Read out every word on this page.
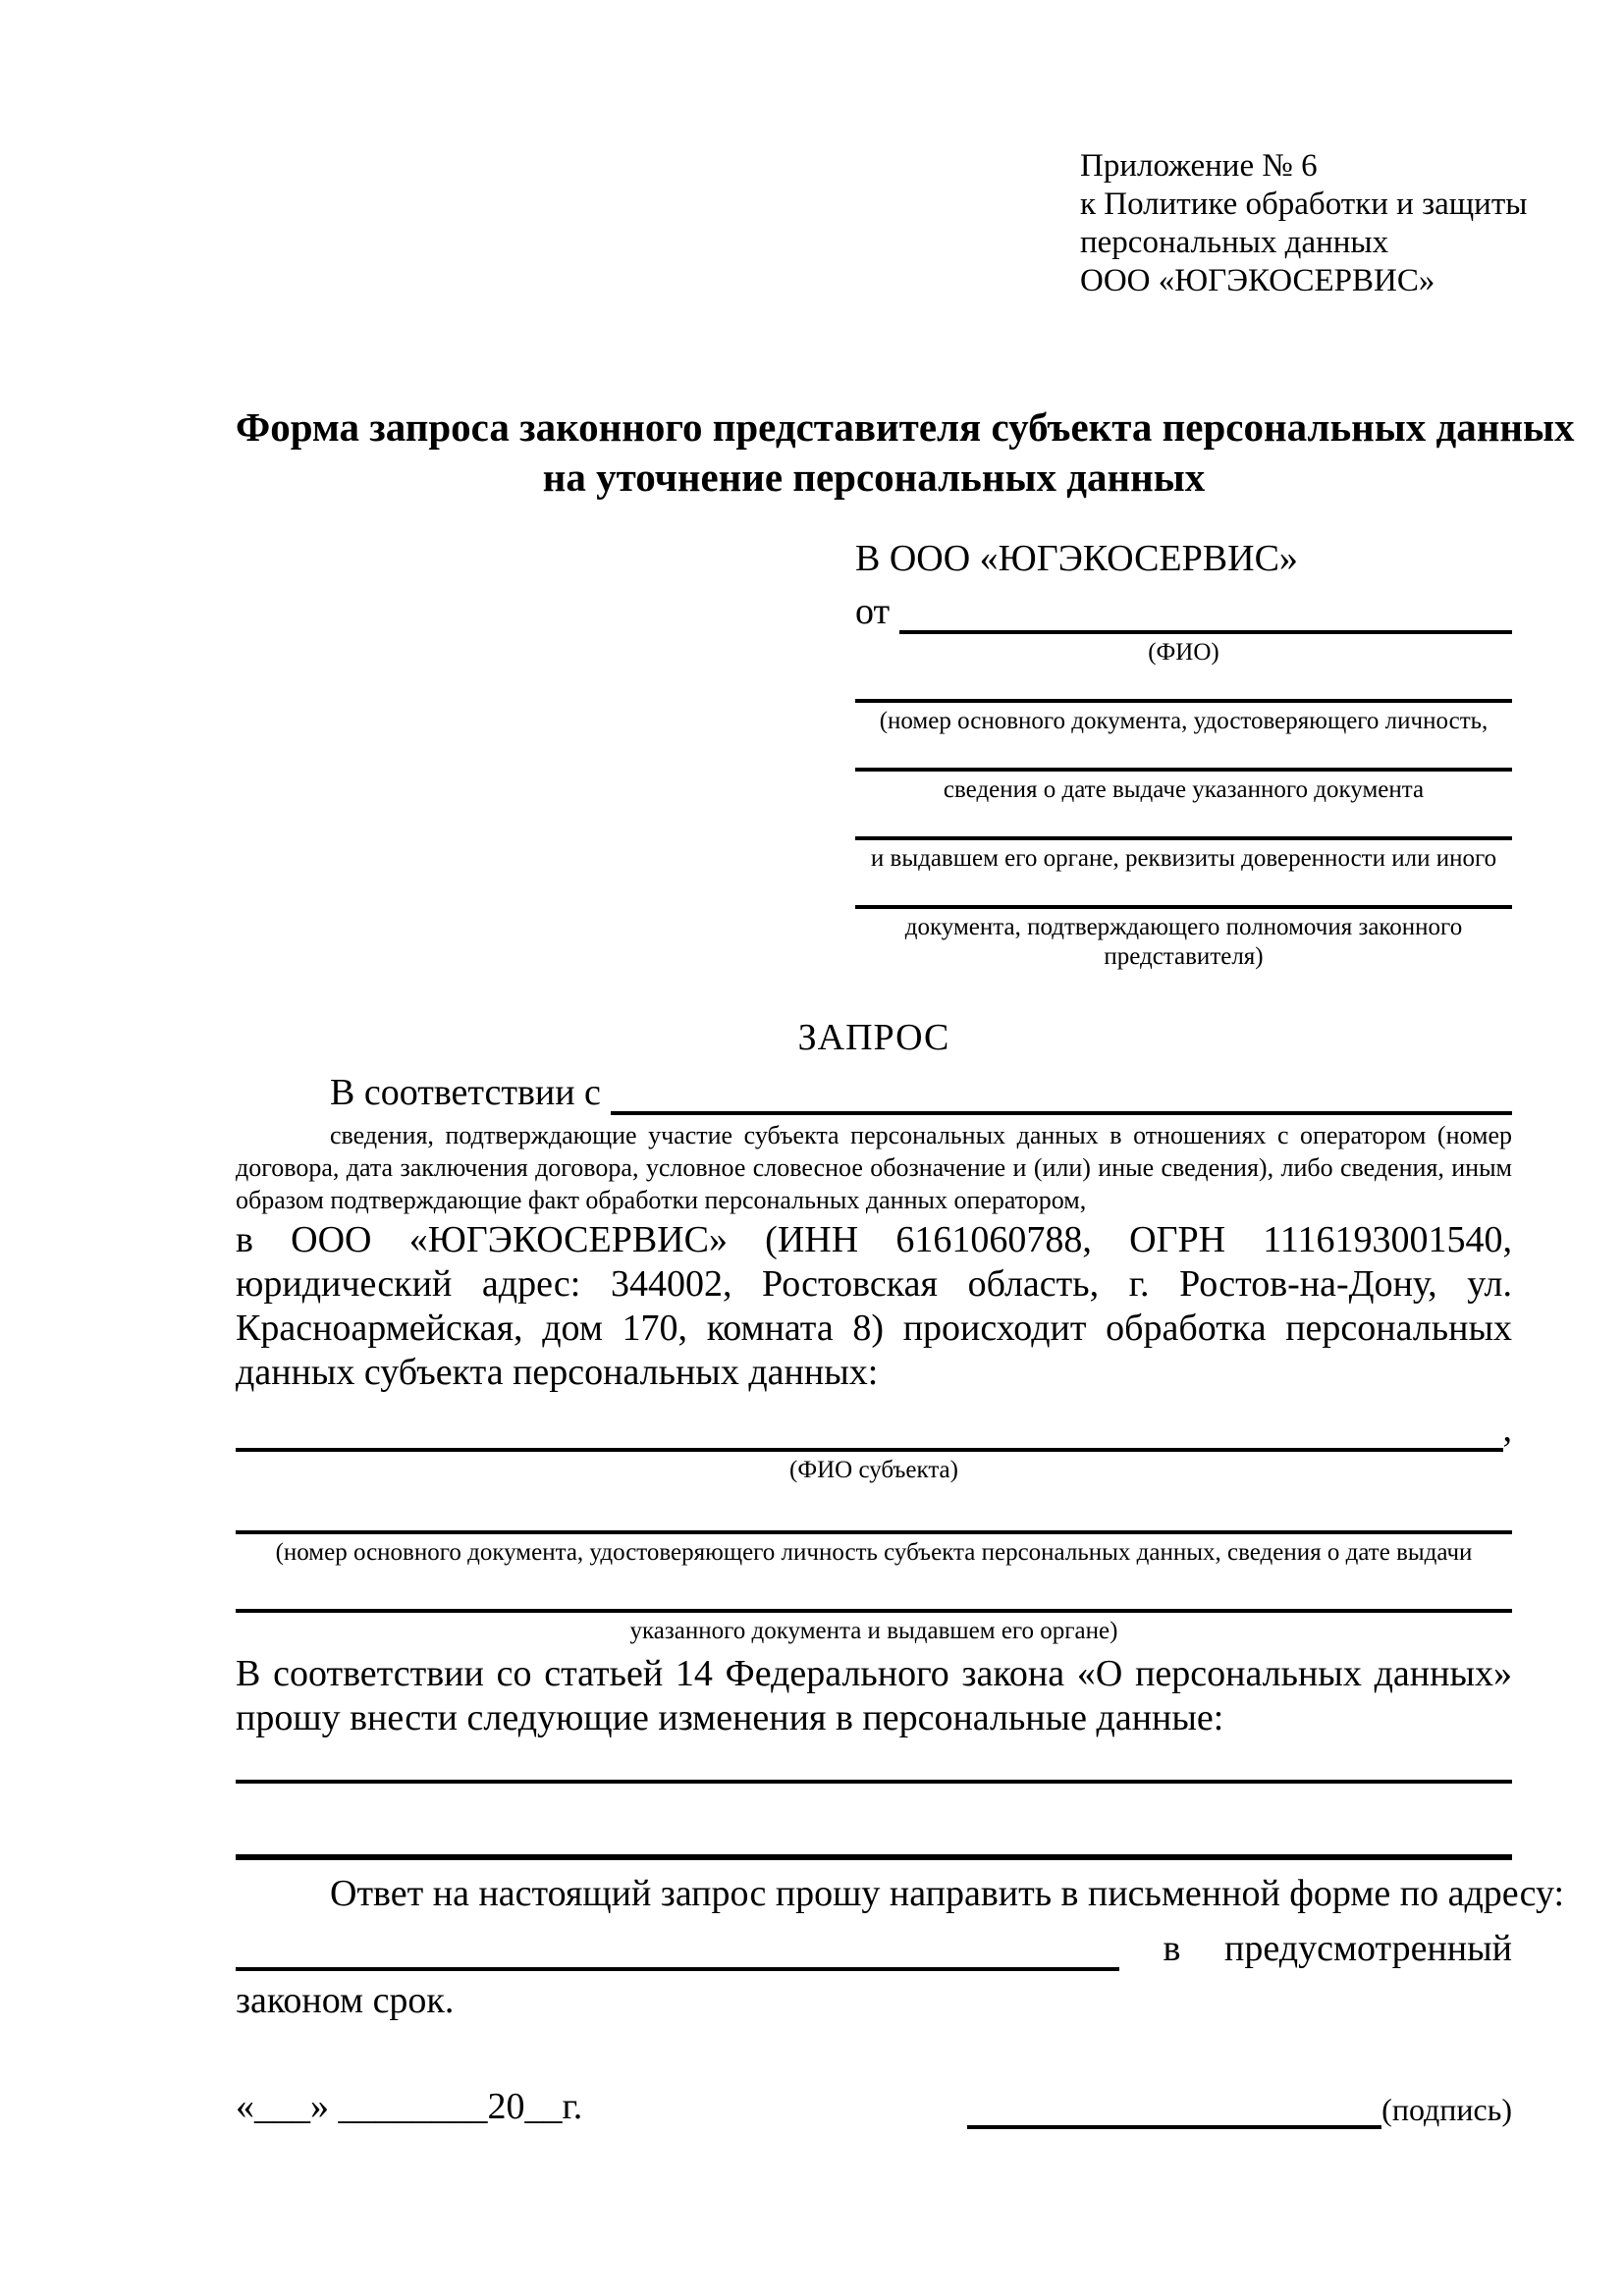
Приложение № 6
к Политике обработки и защиты
персональных данных
ООО «ЮГЭКОСЕРВИС»
Форма запроса законного представителя субъекта персональных данных
на уточнение персональных данных
В ООО «ЮГЭКОСЕРВИС»
от
(ФИО)
(номер основного документа, удостоверяющего личность,
сведения о дате выдаче указанного документа
и выдавшем его органе, реквизиты доверенности или иного
документа, подтверждающего полномочия законного представителя)
ЗАПРОС
В соответствии с

сведения, подтверждающие участие субъекта персональных данных в отношениях с оператором (номер договора, дата заключения договора, условное словесное обозначение и (или) иные сведения), либо сведения, иным образом подтверждающие факт обработки персональных данных оператором,

в ООО «ЮГЭКОСЕРВИС» (ИНН 6161060788, ОГРН 1116193001540, юридический адрес: 344002, Ростовская область, г. Ростов-на-Дону, ул. Красноармейская, дом 170, комната 8) происходит обработка персональных данных субъекта персональных данных:

,
(ФИО субъекта)
(номер основного документа, удостоверяющего личность субъекта персональных данных, сведения о дате выдачи
указанного документа и выдавшем его органе)

В соответствии со статьей 14 Федерального закона «О персональных данных» прошу внести следующие изменения в персональные данные:

Ответ на настоящий запрос прошу направить в письменной форме по адресу:

в предусмотренный

законом срок.

«___» ________20__г.	(подпись)
